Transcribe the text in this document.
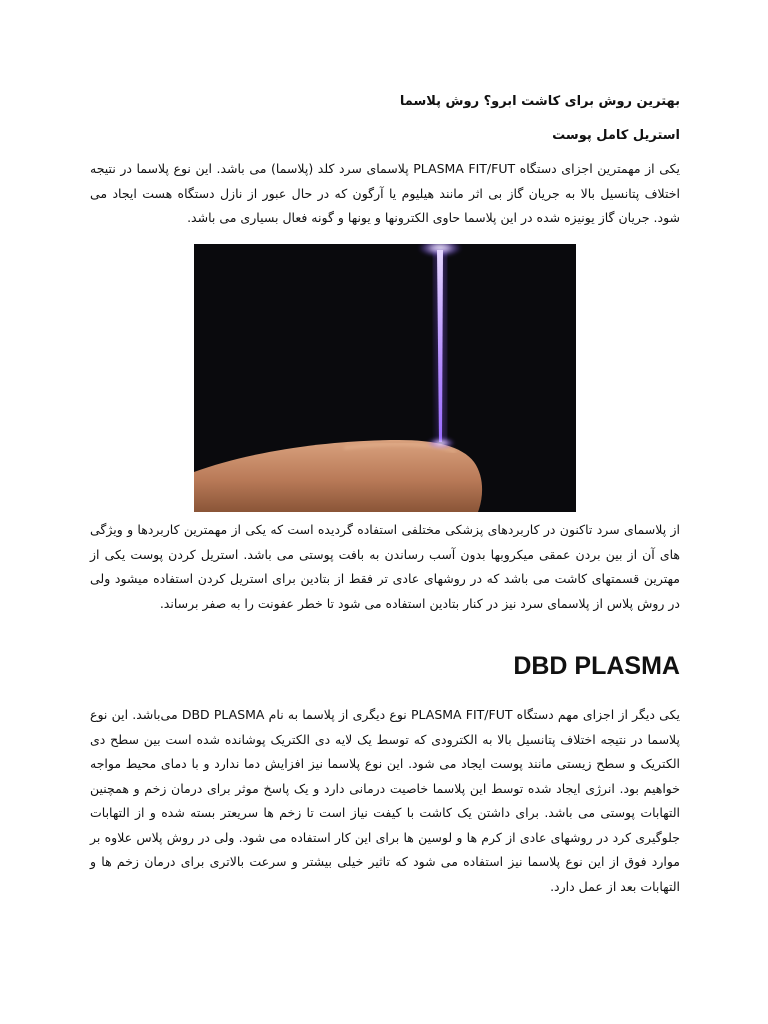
بهترین روش برای کاشت ابرو؟ روش پلاسما
استریل کامل پوست

یکی از مهمترین اجزای دستگاه PLASMA FIT/FUT پلاسمای سرد کلد (پلاسما) می باشد. این نوع پلاسما در نتیجه اختلاف پتانسیل بالا به جریان گاز بی اثر مانند هیلیوم یا آرگون که در حال عبور از نازل دستگاه هست ایجاد می شود. جریان گاز یونیزه شده در این پلاسما حاوی الکترونها و یونها و گونه فعال بسیاری می باشد.

از پلاسمای سرد تاکنون در کاربردهای پزشکی مختلفی استفاده گردیده است که یکی از مهمترین کاربردها و ویژگی های آن از بین بردن عمقی میکروبها بدون آسب رساندن به بافت پوستی می باشد. استریل کردن پوست یکی از مهترین قسمتهای کاشت می باشد که در روشهای عادی تر فقط از بتادین برای استریل کردن استفاده میشود ولی در روش پلاس از پلاسمای سرد نیز در کنار بتادین استفاده می شود تا خطر عفونت را به صفر برساند.

DBD PLASMA

یکی دیگر از اجزای مهم دستگاه PLASMA FIT/FUT نوع دیگری از پلاسما به نام DBD PLASMA می‌باشد. این نوع پلاسما در نتیجه اختلاف پتانسیل بالا به الکترودی که توسط یک لایه دی الکتریک پوشانده شده است بین سطح دی الکتریک و سطح زیستی مانند پوست ایجاد می شود. این نوع پلاسما نیز افزایش دما ندارد و با دمای محیط مواجه خواهیم بود. انرژی ایجاد شده توسط این پلاسما خاصیت درمانی دارد و یک پاسخ موثر برای درمان زخم و همچنین التهابات پوستی می باشد. برای داشتن یک کاشت با کیفت نیاز است تا زخم ها سریعتر بسته شده و از التهابات جلوگیری کرد در روشهای عادی از کرم ها و لوسین ها برای این کار استفاده می شود. ولی در روش پلاس علاوه بر موارد فوق از این نوع پلاسما نیز استفاده می شود که تاثیر خیلی بیشتر و سرعت بالاتری برای درمان زخم ها و التهابات بعد از عمل دارد.
